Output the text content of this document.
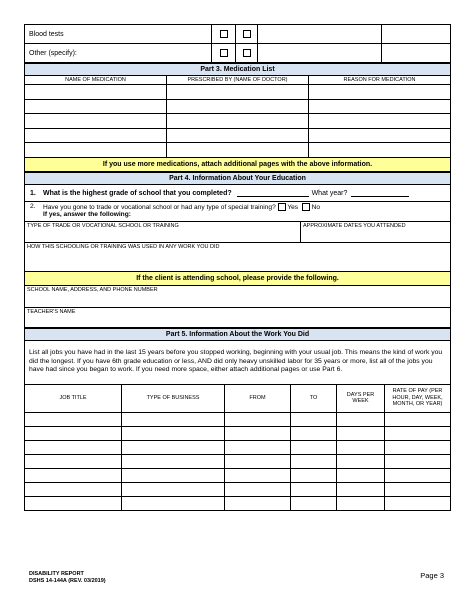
Blood tests				
Other (specify):				
Part 3. Medication List		
NAME OF MEDICATION	PRESCRIBED BY (NAME OF DOCTOR)	REASON FOR MEDICATION

If you use more medications, attach additional pages with the above information.		
Part 4. Information About Your Education
1. What is the highest grade of school that you completed?	What year?
2. Have you gone to trade or vocational school or had any type of special training? Yes No
If yes, answer the following:
TYPE OF TRADE OR VOCATIONAL SCHOOL OR TRAINING	APPROXIMATE DATES YOU ATTENDED
HOW THIS SCHOOLING OR TRAINING WAS USED IN ANY WORK YOU DID
If the client is attending school, please provide the following.
SCHOOL NAME, ADDRESS, AND PHONE NUMBER
TEACHER'S NAME
Part 5. Information About the Work You Did					
List all jobs you have had in the last 15 years before you stopped working, beginning with your usual job. This means the kind of work you did the longest. If you have 6th grade education or less, AND did only heavy unskilled labor for 35 years or more, list all of the jobs you have had since you began to work. If you need more space, either attach additional pages or use Part 6.					
JOB TITLE	TYPE OF BUSINESS	FROM	TO	DAYS PER WEEK	RATE OF PAY (PER HOUR, DAY, WEEK, MONTH, OR YEAR)

DISABILITY REPORT
DSHS 14-144A (REV. 03/2019)
Page 3
